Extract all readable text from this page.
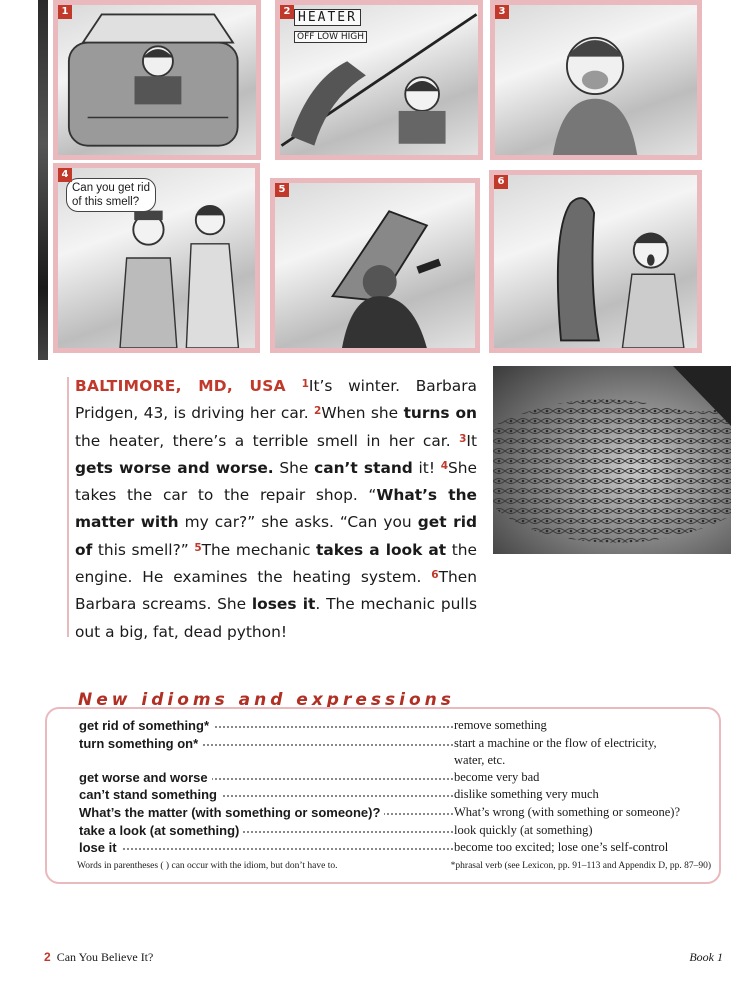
1	2 HEATER
OFF LOW HIGH
3
4
Can you get rid of this smell?
5
6
BALTIMORE, MD, USA $^1$It’s winter. Barbara Pridgen, 43, is driving her car. $^2$When she turns on the heater, there’s a terrible smell in her car. $^3$It gets worse and worse. She can’t stand it! $^4$She takes the car to the repair shop. “What’s the matter with my car?” she asks. “Can you get rid of this smell?” $^5$The mechanic takes a look at the engine. He examines the heating system. $^6$Then Barbara screams. She loses it. The mechanic pulls out a big, fat, dead python!
New idioms and expressions
get rid of something*	remove something
turn something on*	start a machine or the flow of electricity,
water, etc.
get worse and worse	become very bad
can’t stand something	dislike something very much
What’s the matter (with something or someone)?	What’s wrong (with something or someone)?
take a look (at something)	look quickly (at something)
lose it	become too excited; lose one’s self-control
Words in parentheses ( ) can occur with the idiom, but don’t have to.	*phrasal verb (see Lexicon, pp. 91–113 and Appendix D, pp. 87–90)
2 Can You Believe It?	Book 1
